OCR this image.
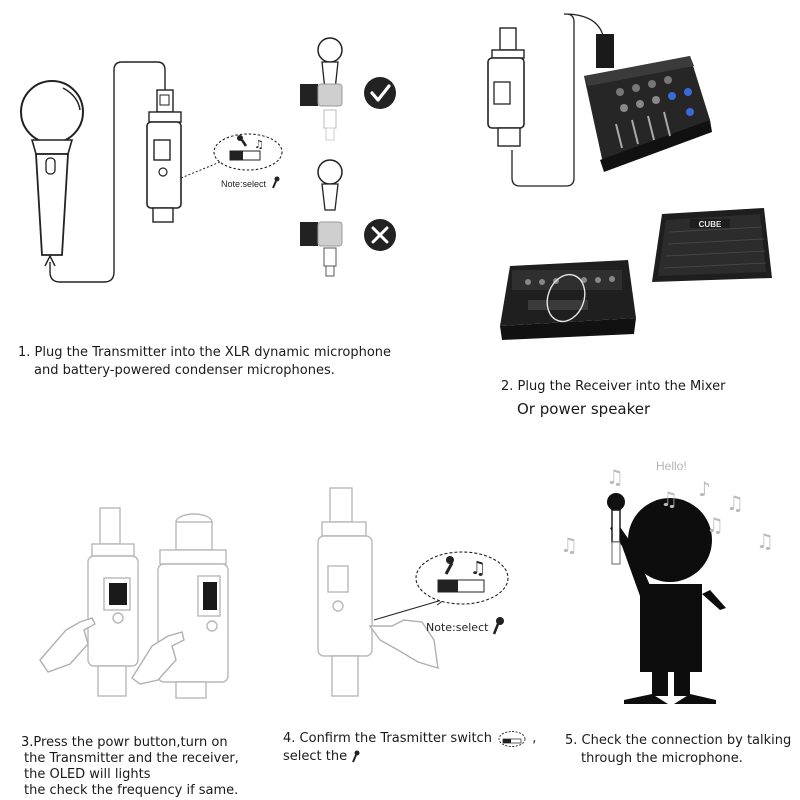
♫
CUBE
♫
♫
♫
♫ ♪
♫
♫
♫
Note:select
1. Plug the Transmitter into the XLR dynamic microphone
and battery-powered condenser microphones.
2. Plug the Receiver into the Mixer
Or power speaker
3.Press the powr button,turn on
the Transmitter and the receiver,
the OLED will lights
the check the frequency if same.
Note:select
4. Confirm the Trasmitter switch	,
select the
Hello!
5. Check the connection by talking
through the microphone.
